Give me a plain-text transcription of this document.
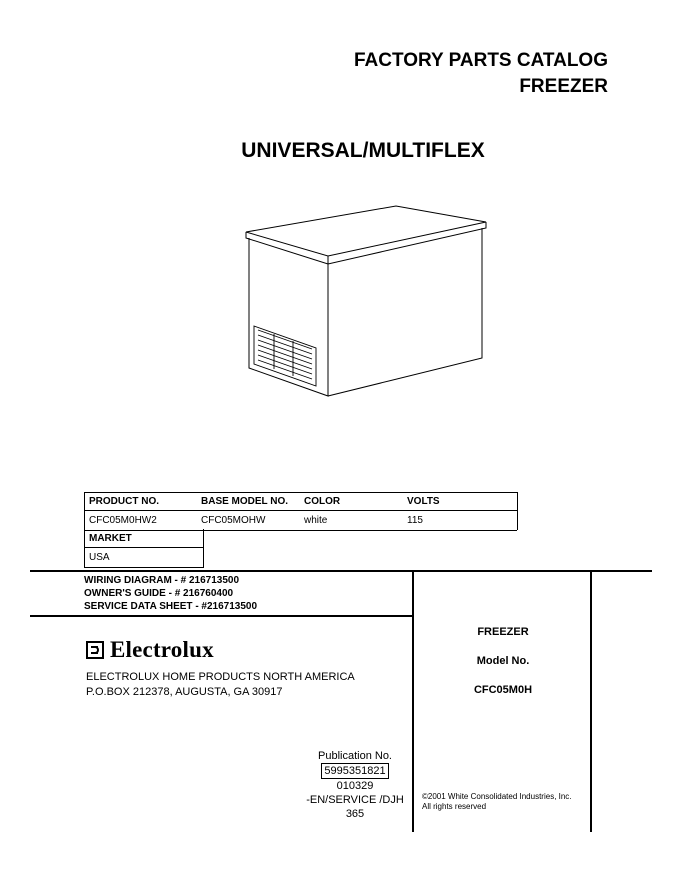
FACTORY PARTS CATALOG
FREEZER
UNIVERSAL/MULTIFLEX
PRODUCT NO.	BASE MODEL NO. COLOR	VOLTS
CFC05M0HW2	CFC05MOHW	white	115
MARKET
USA
WIRING DIAGRAM - # 216713500
OWNER'S GUIDE - # 216760400
SERVICE DATA SHEET - #216713500
Electrolux
ELECTROLUX HOME PRODUCTS NORTH AMERICA
P.O.BOX 212378, AUGUSTA, GA 30917
FREEZER
Model No.
CFC05M0H
Publication No.
5995351821
010329
-EN/SERVICE /DJH
365
©2001 White Consolidated Industries, Inc.
All rights reserved
